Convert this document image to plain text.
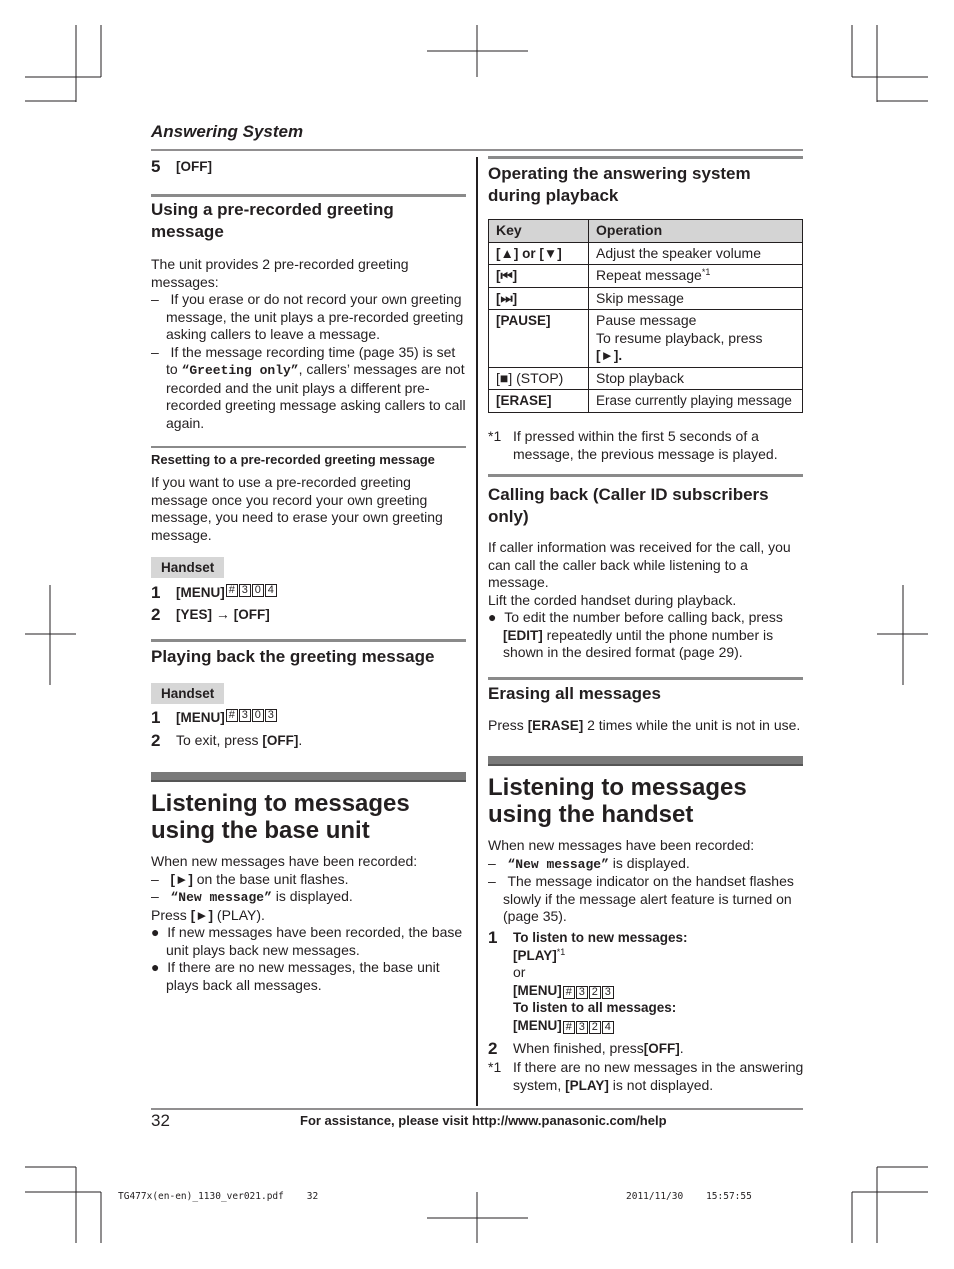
Answering System
5	[OFF]
Using a pre-recorded greeting message
The unit provides 2 pre-recorded greeting messages:
–   If you erase or do not record your own greeting message, the unit plays a pre-recorded greeting asking callers to leave a message.
–   If the message recording time (page 35) is set to “Greeting only”, callers’ messages are not recorded and the unit plays a different pre-recorded greeting message asking callers to call again.
Resetting to a pre-recorded greeting message
If you want to use a pre-recorded greeting message once you record your own greeting message, you need to erase your own greeting message.
Handset
1	[MENU] # 3 0 4
2	[YES]
→
[OFF]
Playing back the greeting message
Handset
1	[MENU] # 3 0 3
2	To exit, press
[OFF] .
Listening to messages using the base unit
When new messages have been recorded:
–   [►] on the base unit flashes.
–   “New message” is displayed.
Press [►] (PLAY).
●  If new messages have been recorded, the base unit plays back new messages.
●  If there are no new messages, the base unit plays back all messages.
Operating the answering system during playback
Key	Operation
[▲] or [▼]	Adjust the speaker volume
[⏮]	Repeat message$^{*1}$
[⏭]	Skip message
[PAUSE]	Pause message
To resume playback, press
[►].

[■] (STOP)	Stop playback
[ERASE]	Erase currently playing message
*1 If pressed within the first 5 seconds of a message, the previous message is played.
Calling back (Caller ID subscribers only)
If caller information was received for the call, you can call the caller back while listening to a message.
Lift the corded handset during playback.
●  To edit the number before calling back, press [EDIT] repeatedly until the phone number is shown in the desired format (page 29).
Erasing all messages
Press [ERASE] 2 times while the unit is not in use.
Listening to messages using the handset
When new messages have been recorded:
–   “New message” is displayed.
–   The message indicator on the handset flashes slowly if the message alert feature is turned on (page 35).
1	To listen to new messages:
[PLAY]$^{*1}$
or
[MENU] # 3 2 3
To listen to all messages:
[MENU] # 3 2 4
2	When finished, press [OFF] .
*1 If there are no new messages in the answering system, [PLAY] is not displayed.
32	For assistance, please visit http://www.panasonic.com/help
TG477x(en-en)_1130_ver021.pdf    32	2011/11/30    15:57:55
